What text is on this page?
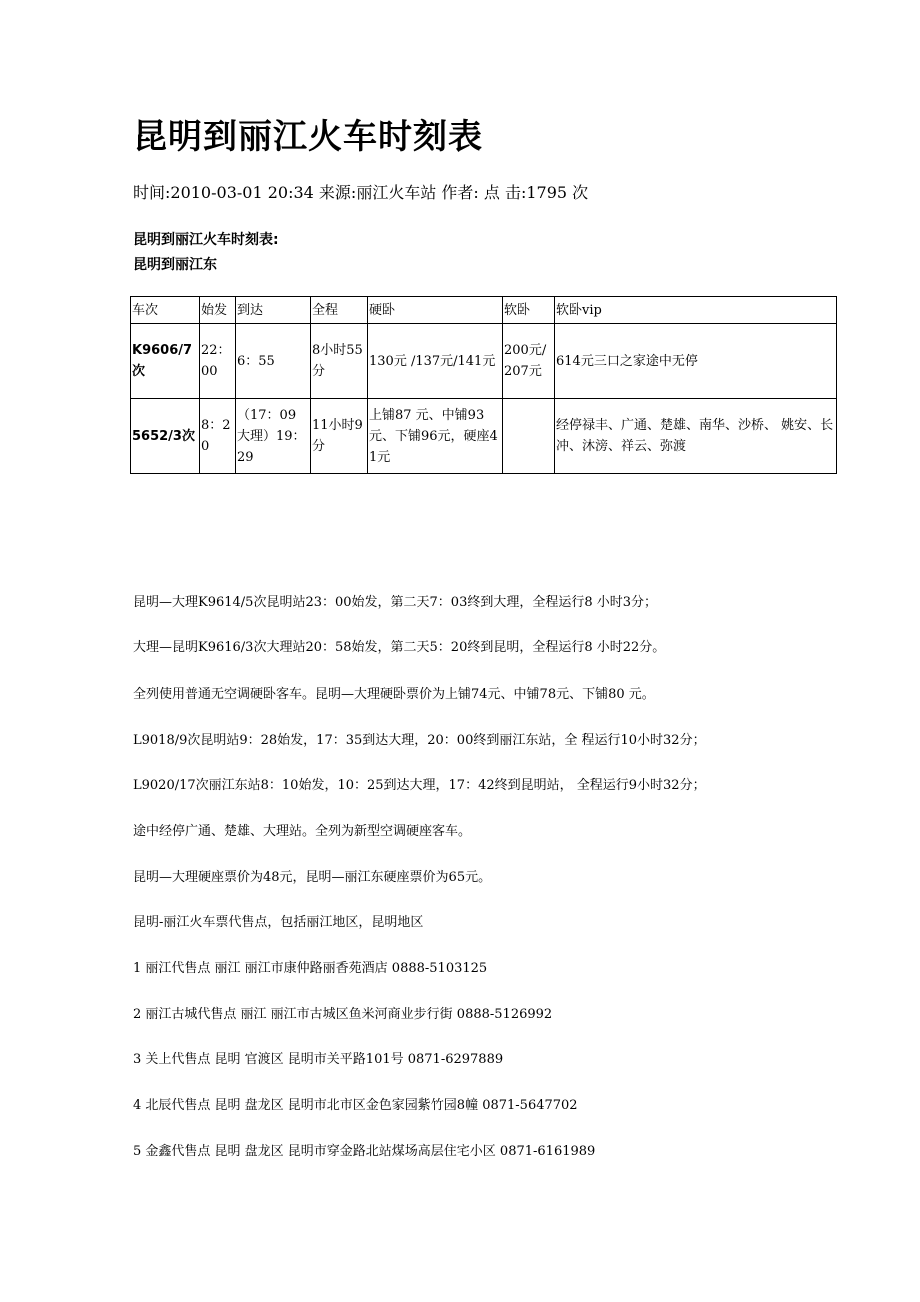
昆明到丽江火车时刻表
时间:2010-03-01 20:34 来源:丽江火车站 作者: 点 击:1795 次
昆明到丽江火车时刻表:
昆明到丽江东
车次	始发	到达	全程	硬卧	软卧	软卧vip
K9606/7次	22：00	6：55	8小时55分	130元 /137元/141元	200元/207元	614元三口之家途中无停
5652/3次	8：20	（17：09大理）19：29	11小时9分	上铺87 元、中铺93元、下铺96元，硬座41元		经停禄丰、广通、楚雄、南华、沙桥、 姚安、长冲、沐滂、祥云、弥渡

昆明—大理K9614/5次昆明站23：00始发，第二天7：03终到大理，全程运行8 小时3分；

大理—昆明K9616/3次大理站20：58始发，第二天5：20终到昆明，全程运行8 小时22分。

全列使用普通无空调硬卧客车。昆明—大理硬卧票价为上铺74元、中铺78元、下铺80 元。

L9018/9次昆明站9：28始发，17：35到达大理，20：00终到丽江东站，全 程运行10小时32分；

L9020/17次丽江东站8：10始发，10：25到达大理，17：42终到昆明站， 全程运行9小时32分；

途中经停广通、楚雄、大理站。全列为新型空调硬座客车。

昆明—大理硬座票价为48元，昆明—丽江东硬座票价为65元。

昆明-丽江火车票代售点，包括丽江地区，昆明地区

1 丽江代售点 丽江 丽江市康仲路丽香苑酒店 0888-5103125

2 丽江古城代售点 丽江 丽江市古城区鱼米河商业步行街 0888-5126992

3 关上代售点 昆明 官渡区 昆明市关平路101号 0871-6297889

4 北辰代售点 昆明 盘龙区 昆明市北市区金色家园紫竹园8幢 0871-5647702

5 金鑫代售点 昆明 盘龙区 昆明市穿金路北站煤场高层住宅小区 0871-6161989
